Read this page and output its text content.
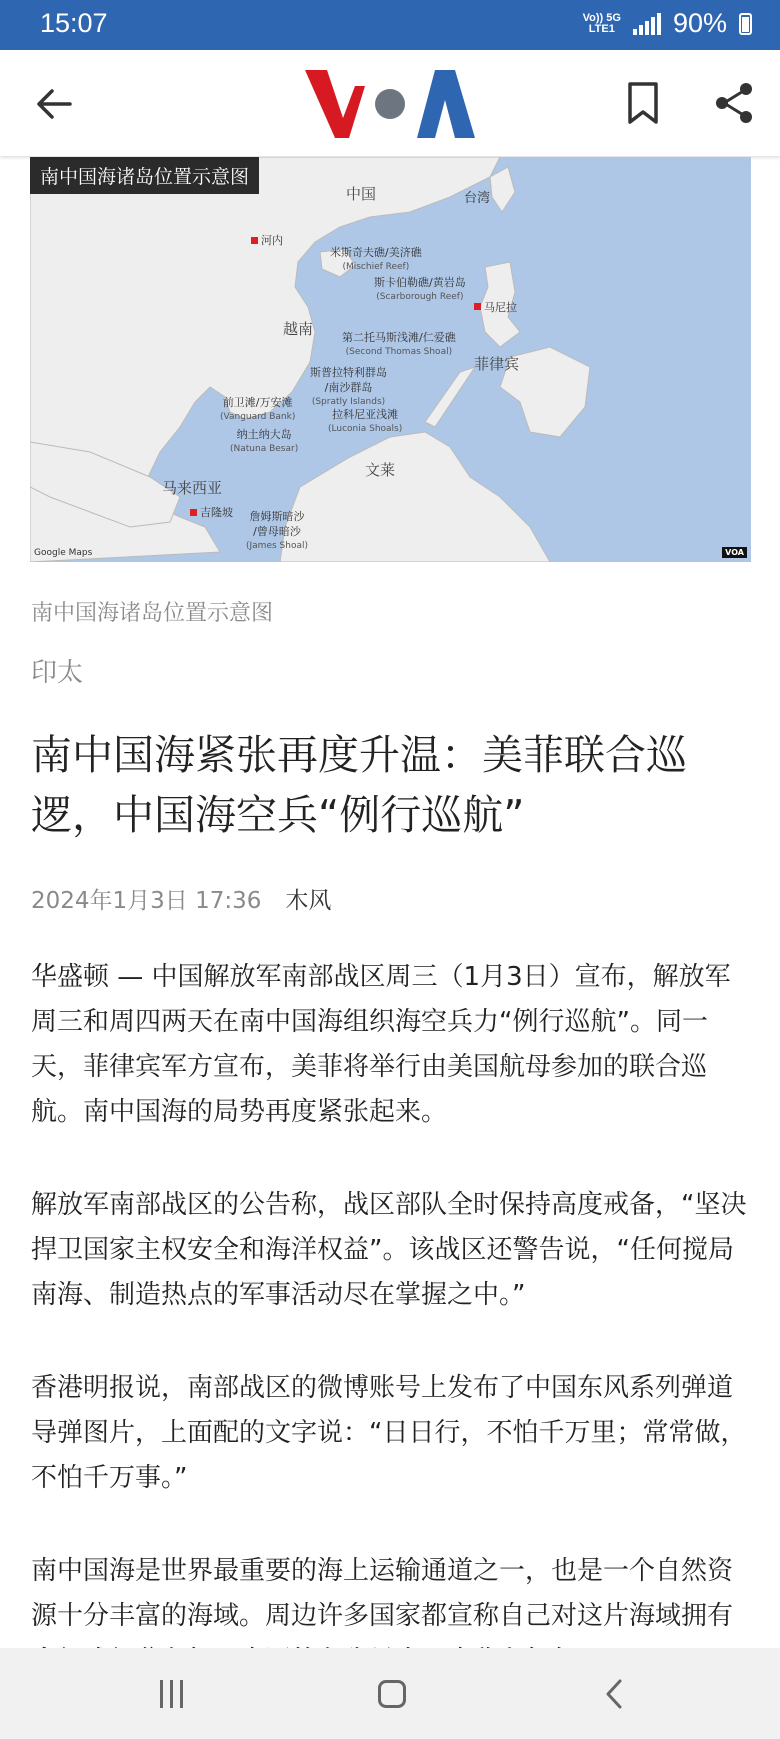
15:07	Vo)) 5G
LTE1 90%
南中国海诸岛位置示意图
中国	台湾
河内
米斯奇夫礁/美济礁
(Mischief Reef)
斯卡伯勒礁/黄岩岛
(Scarborough Reef)
马尼拉
越南	第二托马斯浅滩/仁爱礁
(Second Thomas Shoal)
菲律宾
斯普拉特利群岛
/南沙群岛
(Spratly Islands)
前卫滩/万安滩
(Vanguard Bank)	拉科尼亚浅滩
(Luconia Shoals)
纳土纳大岛
(Natuna Besar)
文莱
马来西亚
吉隆坡	詹姆斯暗沙
/曾母暗沙
(James Shoal)
Google Maps	VOA
南中国海诸岛位置示意图
印太
南中国海紧张再度升温：美菲联合巡逻，中国海空兵“例行巡航”
2024年1月3日 17:36 木风

华盛顿 — 中国解放军南部战区周三（1月3日）宣布，解放军周三和周四两天在南中国海组织海空兵力“例行巡航”。同一天，菲律宾军方宣布，美菲将举行由美国航母参加的联合巡航。南中国海的局势再度紧张起来。

解放军南部战区的公告称，战区部队全时保持高度戒备，“坚决捍卫国家主权安全和海洋权益”。该战区还警告说，“任何搅局南海、制造热点的军事活动尽在掌握之中。”

香港明报说，南部战区的微博账号上发布了中国东风系列弹道导弹图片，上面配的文字说：“日日行，不怕千万里；常常做，不怕千万事。”

南中国海是世界最重要的海上运输通道之一，也是一个自然资源十分丰富的海域。周边许多国家都宣称自己对这片海域拥有
